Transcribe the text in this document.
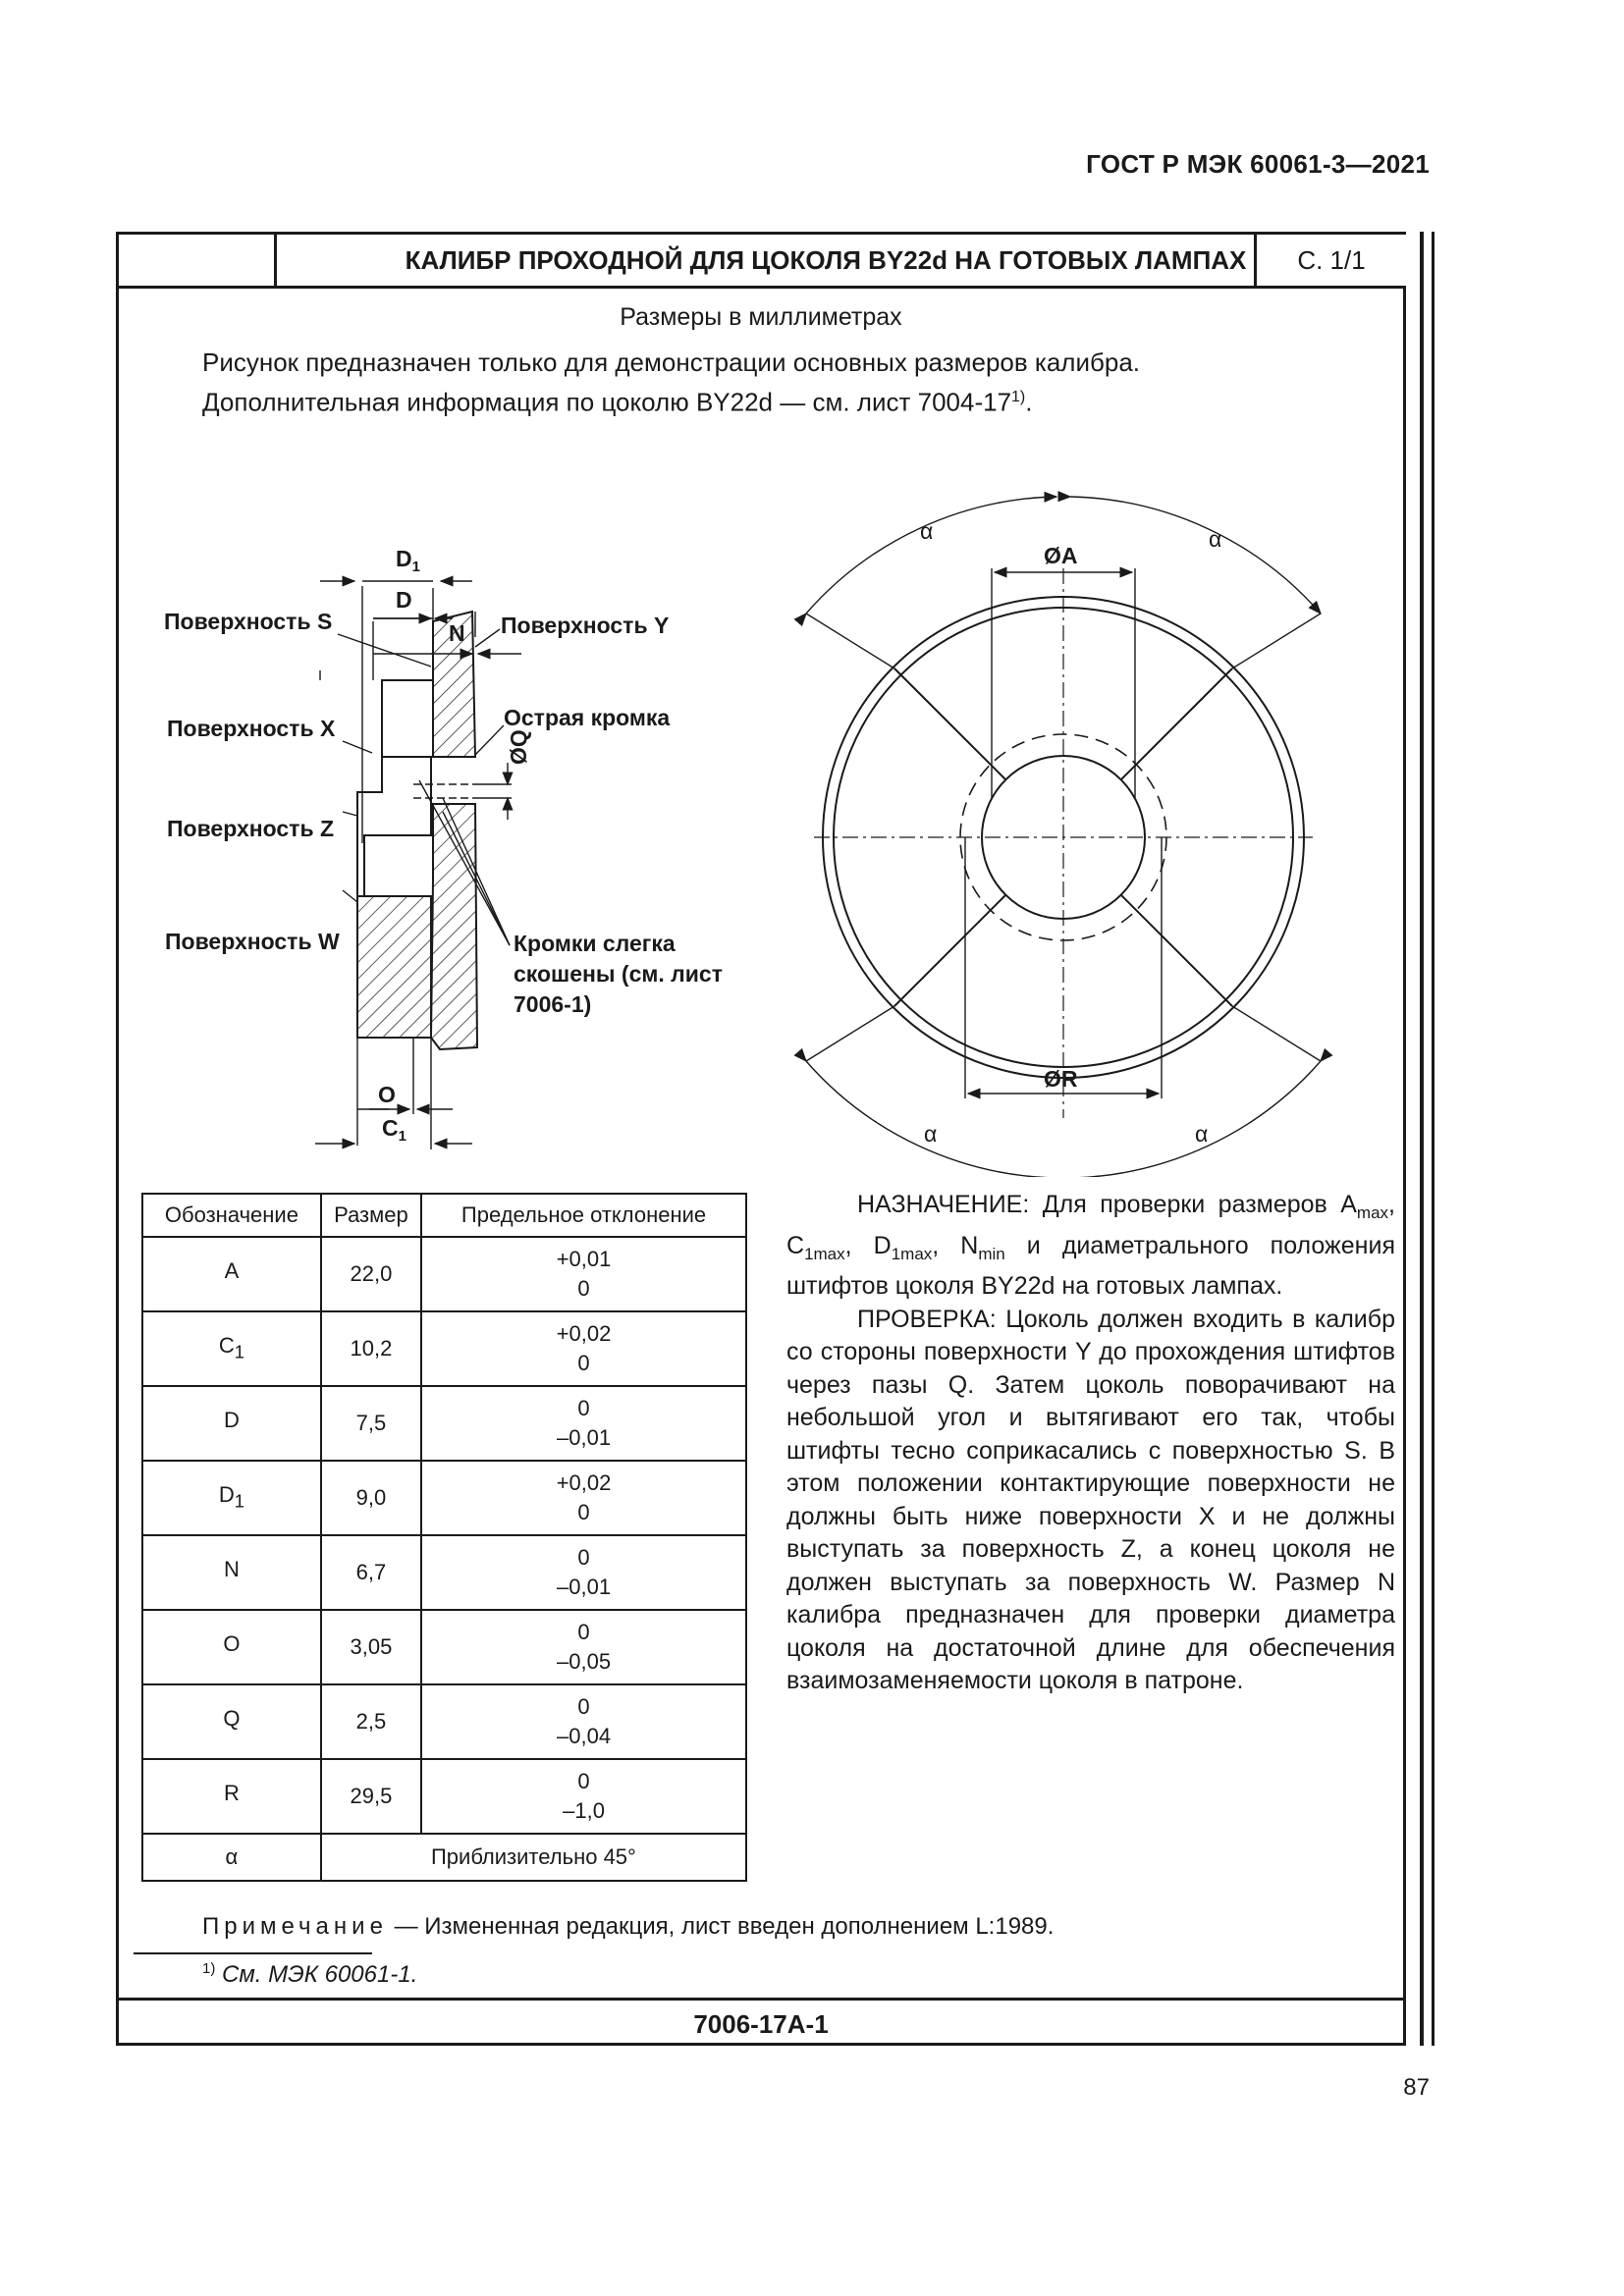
ГОСТ Р МЭК 60061-3—2021
КАЛИБР ПРОХОДНОЙ ДЛЯ ЦОКОЛЯ BY22d НА ГОТОВЫХ ЛАМПАХ	С. 1/1
Размеры в миллиметрах
Рисунок предназначен только для демонстрации основных размеров калибра.
Дополнительная информация по цоколю BY22d — см. лист 7004-17$^{1)}$.
$D_1$
D
N
ØQ
O
$C_1$
Поверхность S	Поверхность Y
Поверхность X	Острая кромка
Поверхность Z
Поверхность W	Кромки слегка
скошены (см. лист
7006-1)
ØA
ØR
α	α
α	α
Обозначение	Размер	Предельное отклонение
A	22,0	+0,01
0

$C_1$	10,2	+0,02
0

D	7,5	0
–0,01

$D_1$	9,0	+0,02
0

N	6,7	0
–0,01

O	3,05	0
–0,05

Q	2,5	0
–0,04

R	29,5	0
–1,0

α	Приблизительно 45°	

НАЗНАЧЕНИЕ: Для проверки размеров $A_{max}$, $C_{1max}$, $D_{1max}$, $N_{min}$ и диаметрального положения штифтов цоколя BY22d на готовых лампах.

ПРОВЕРКА: Цоколь должен входить в калибр со стороны поверхности Y до прохождения штифтов через пазы Q. Затем цоколь поворачивают на небольшой угол и вытягивают его так, чтобы штифты тесно соприкасались с поверхностью S. В этом положении контактирующие поверхности не должны быть ниже поверхности X и не должны выступать за поверхность Z, а конец цоколя не должен выступать за поверхность W. Размер N калибра предназначен для проверки диаметра цоколя на достаточной длине для обеспечения взаимозаменяемости цоколя в патроне.

Примечание — Измененная редакция, лист введен дополнением L:1989.
$^{1)}$ См. МЭК 60061-1.
7006-17A-1
87
